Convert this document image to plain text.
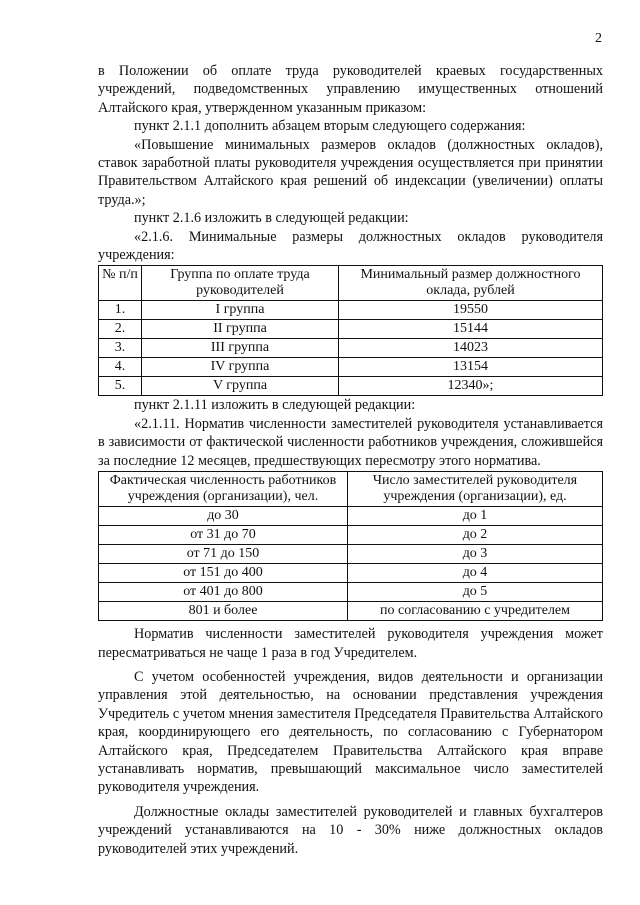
2

в Положении об оплате труда руководителей краевых государственных учреждений, подведомственных управлению имущественных отношений Алтайского края, утвержденном указанным приказом:

пункт 2.1.1 дополнить абзацем вторым следующего содержания:

«Повышение минимальных размеров окладов (должностных окладов), ставок заработной платы руководителя учреждения осуществляется при принятии Правительством Алтайского края решений об индексации (увеличении) оплаты труда.»;

пункт 2.1.6 изложить в следующей редакции:

«2.1.6. Минимальные размеры должностных окладов руководителя учреждения:

№ п/п	Группа по оплате труда руководителей	Минимальный размер должностного оклада, рублей
1.	I группа	19550
2.	II группа	15144
3.	III группа	14023
4.	IV группа	13154
5.	V группа	12340»;

пункт 2.1.11 изложить в следующей редакции:

«2.1.11. Норматив численности заместителей руководителя устанавливается в зависимости от фактической численности работников учреждения, сложившейся за последние 12 месяцев, предшествующих пересмотру этого норматива.

Фактическая численность работников учреждения (организации), чел.	Число заместителей руководителя учреждения (организации), ед.
до 30	до 1
от 31 до 70	до 2
от 71 до 150	до 3
от 151 до 400	до 4
от 401 до 800	до 5
801 и более	по согласованию с учредителем

Норматив численности заместителей руководителя учреждения может пересматриваться не чаще 1 раза в год Учредителем.

С учетом особенностей учреждения, видов деятельности и организации управления этой деятельностью, на основании представления учреждения Учредитель с учетом мнения заместителя Председателя Правительства Алтайского края, координирующего его деятельность, по согласованию с Губернатором Алтайского края, Председателем Правительства Алтайского края вправе устанавливать норматив, превышающий максимальное число заместителей руководителя учреждения.

Должностные оклады заместителей руководителей и главных бухгалтеров учреждений устанавливаются на 10 - 30% ниже должностных окладов руководителей этих учреждений.
